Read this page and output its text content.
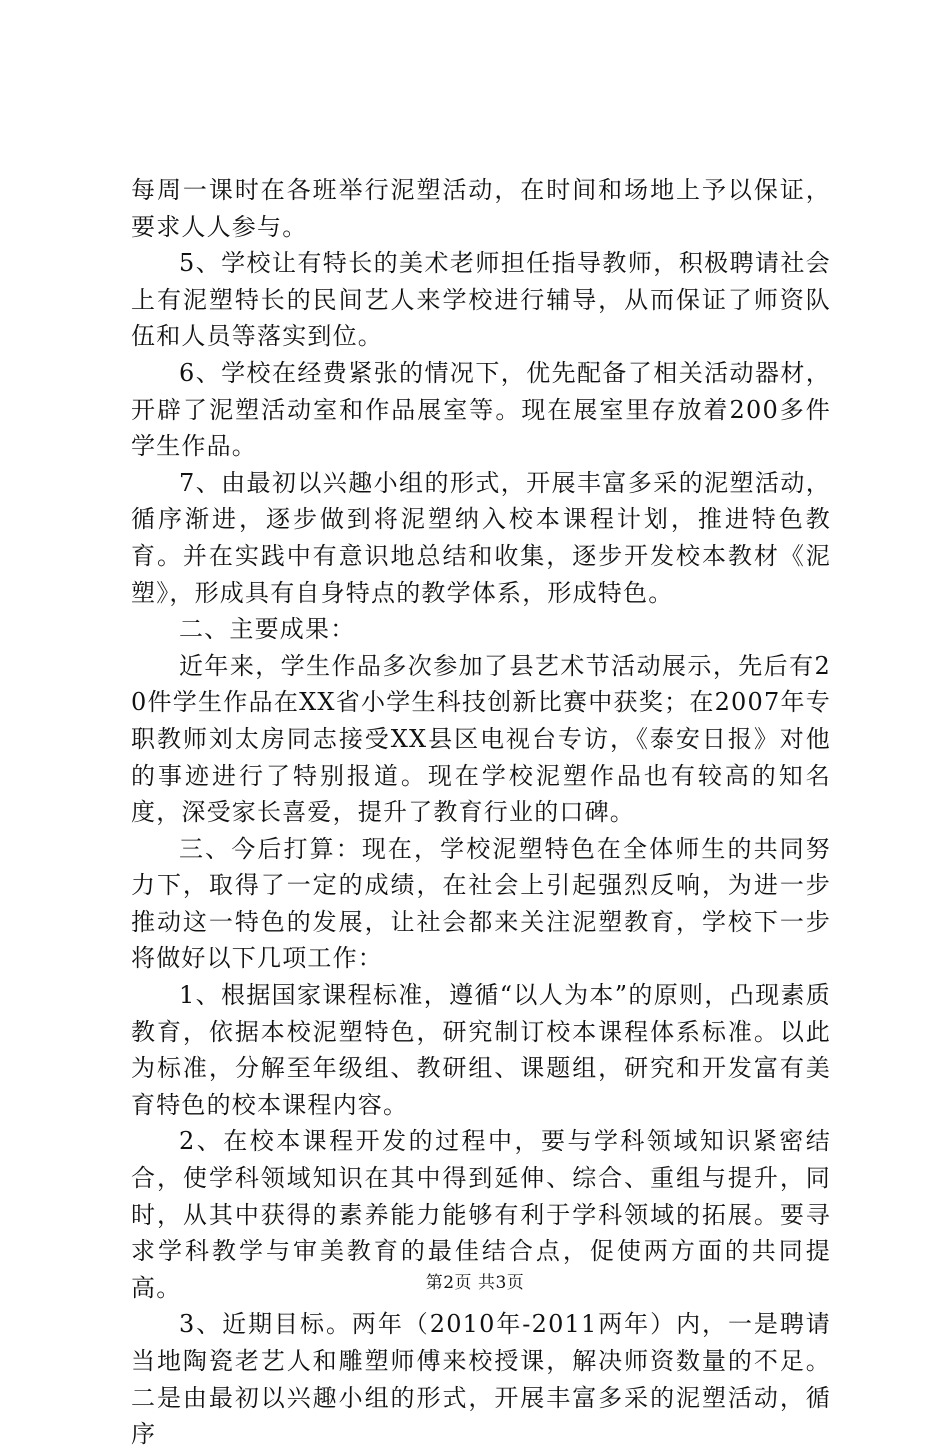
每周一课时在各班举行泥塑活动，在时间和场地上予以保证，要求人人参与。

5、学校让有特长的美术老师担任指导教师，积极聘请社会上有泥塑特长的民间艺人来学校进行辅导，从而保证了师资队伍和人员等落实到位。

6、学校在经费紧张的情况下，优先配备了相关活动器材，开辟了泥塑活动室和作品展室等。现在展室里存放着200多件学生作品。

7、由最初以兴趣小组的形式，开展丰富多采的泥塑活动，循序渐进，逐步做到将泥塑纳入校本课程计划，推进特色教育。并在实践中有意识地总结和收集，逐步开发校本教材《泥塑》，形成具有自身特点的教学体系，形成特色。

二、主要成果：

近年来，学生作品多次参加了县艺术节活动展示，先后有20件学生作品在XX省小学生科技创新比赛中获奖；在2007年专职教师刘太房同志接受XX县区电视台专访，《泰安日报》对他的事迹进行了特别报道。现在学校泥塑作品也有较高的知名度，深受家长喜爱，提升了教育行业的口碑。

三、今后打算：现在，学校泥塑特色在全体师生的共同努力下，取得了一定的成绩，在社会上引起强烈反响，为进一步推动这一特色的发展，让社会都来关注泥塑教育，学校下一步将做好以下几项工作：

1、根据国家课程标准，遵循“以人为本”的原则，凸现素质教育，依据本校泥塑特色，研究制订校本课程体系标准。以此为标准，分解至年级组、教研组、课题组，研究和开发富有美育特色的校本课程内容。

2、在校本课程开发的过程中，要与学科领域知识紧密结合，使学科领域知识在其中得到延伸、综合、重组与提升，同时，从其中获得的素养能力能够有利于学科领域的拓展。要寻求学科教学与审美教育的最佳结合点，促使两方面的共同提高。

3、近期目标。两年（2010年-2011两年）内，一是聘请当地陶瓷老艺人和雕塑师傅来校授课，解决师资数量的不足。二是由最初以兴趣小组的形式，开展丰富多采的泥塑活动，循序

第2页 共3页
